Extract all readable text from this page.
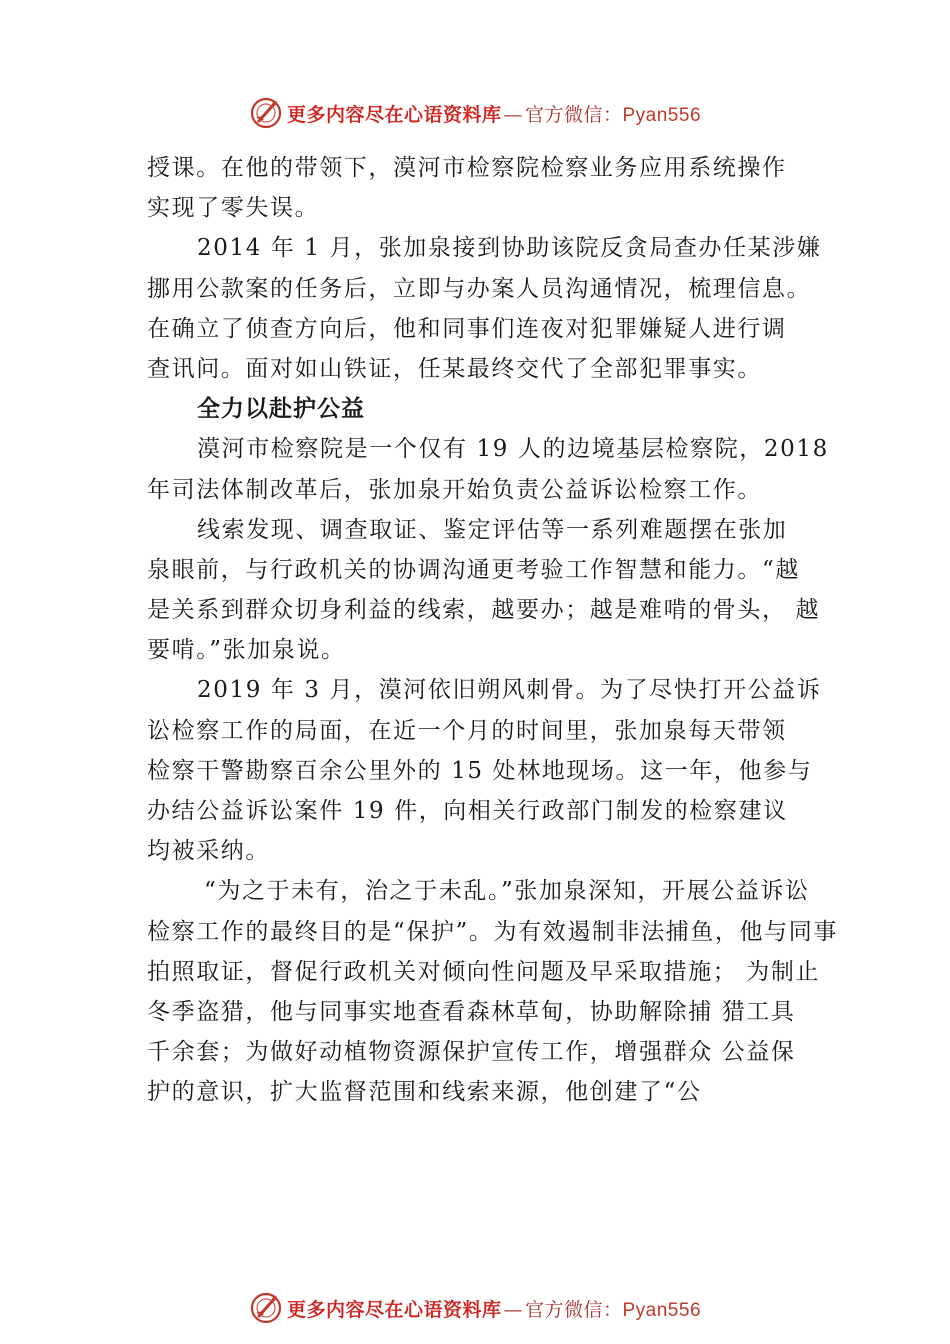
更多内容尽在心语资料库 — 官方微信：Pyan556
授课。在他的带领下，漠河市检察院检察业务应用系统操作
实现了零失误。
2014 年 1 月，张加泉接到协助该院反贪局查办任某涉嫌
挪用公款案的任务后，立即与办案人员沟通情况，梳理信息。
在确立了侦查方向后，他和同事们连夜对犯罪嫌疑人进行调
查讯问。面对如山铁证，任某最终交代了全部犯罪事实。
全力以赴护公益
漠河市检察院是一个仅有 19 人的边境基层检察院，2018
年司法体制改革后，张加泉开始负责公益诉讼检察工作。
线索发现、调查取证、鉴定评估等一系列难题摆在张加
泉眼前，与行政机关的协调沟通更考验工作智慧和能力。“越
是关系到群众切身利益的线索，越要办；越是难啃的骨头， 越
要啃。”张加泉说。
2019 年 3 月，漠河依旧朔风刺骨。为了尽快打开公益诉
讼检察工作的局面，在近一个月的时间里，张加泉每天带领
检察干警勘察百余公里外的 15 处林地现场。这一年，他参与
办结公益诉讼案件 19 件，向相关行政部门制发的检察建议
均被采纳。
“为之于未有，治之于未乱。”张加泉深知，开展公益诉讼
检察工作的最终目的是“保护”。为有效遏制非法捕鱼，他与同事
拍照取证，督促行政机关对倾向性问题及早采取措施； 为制止
冬季盗猎，他与同事实地查看森林草甸，协助解除捕 猎工具
千余套；为做好动植物资源保护宣传工作，增强群众 公益保
护的意识，扩大监督范围和线索来源，他创建了“公
更多内容尽在心语资料库 — 官方微信：Pyan556
